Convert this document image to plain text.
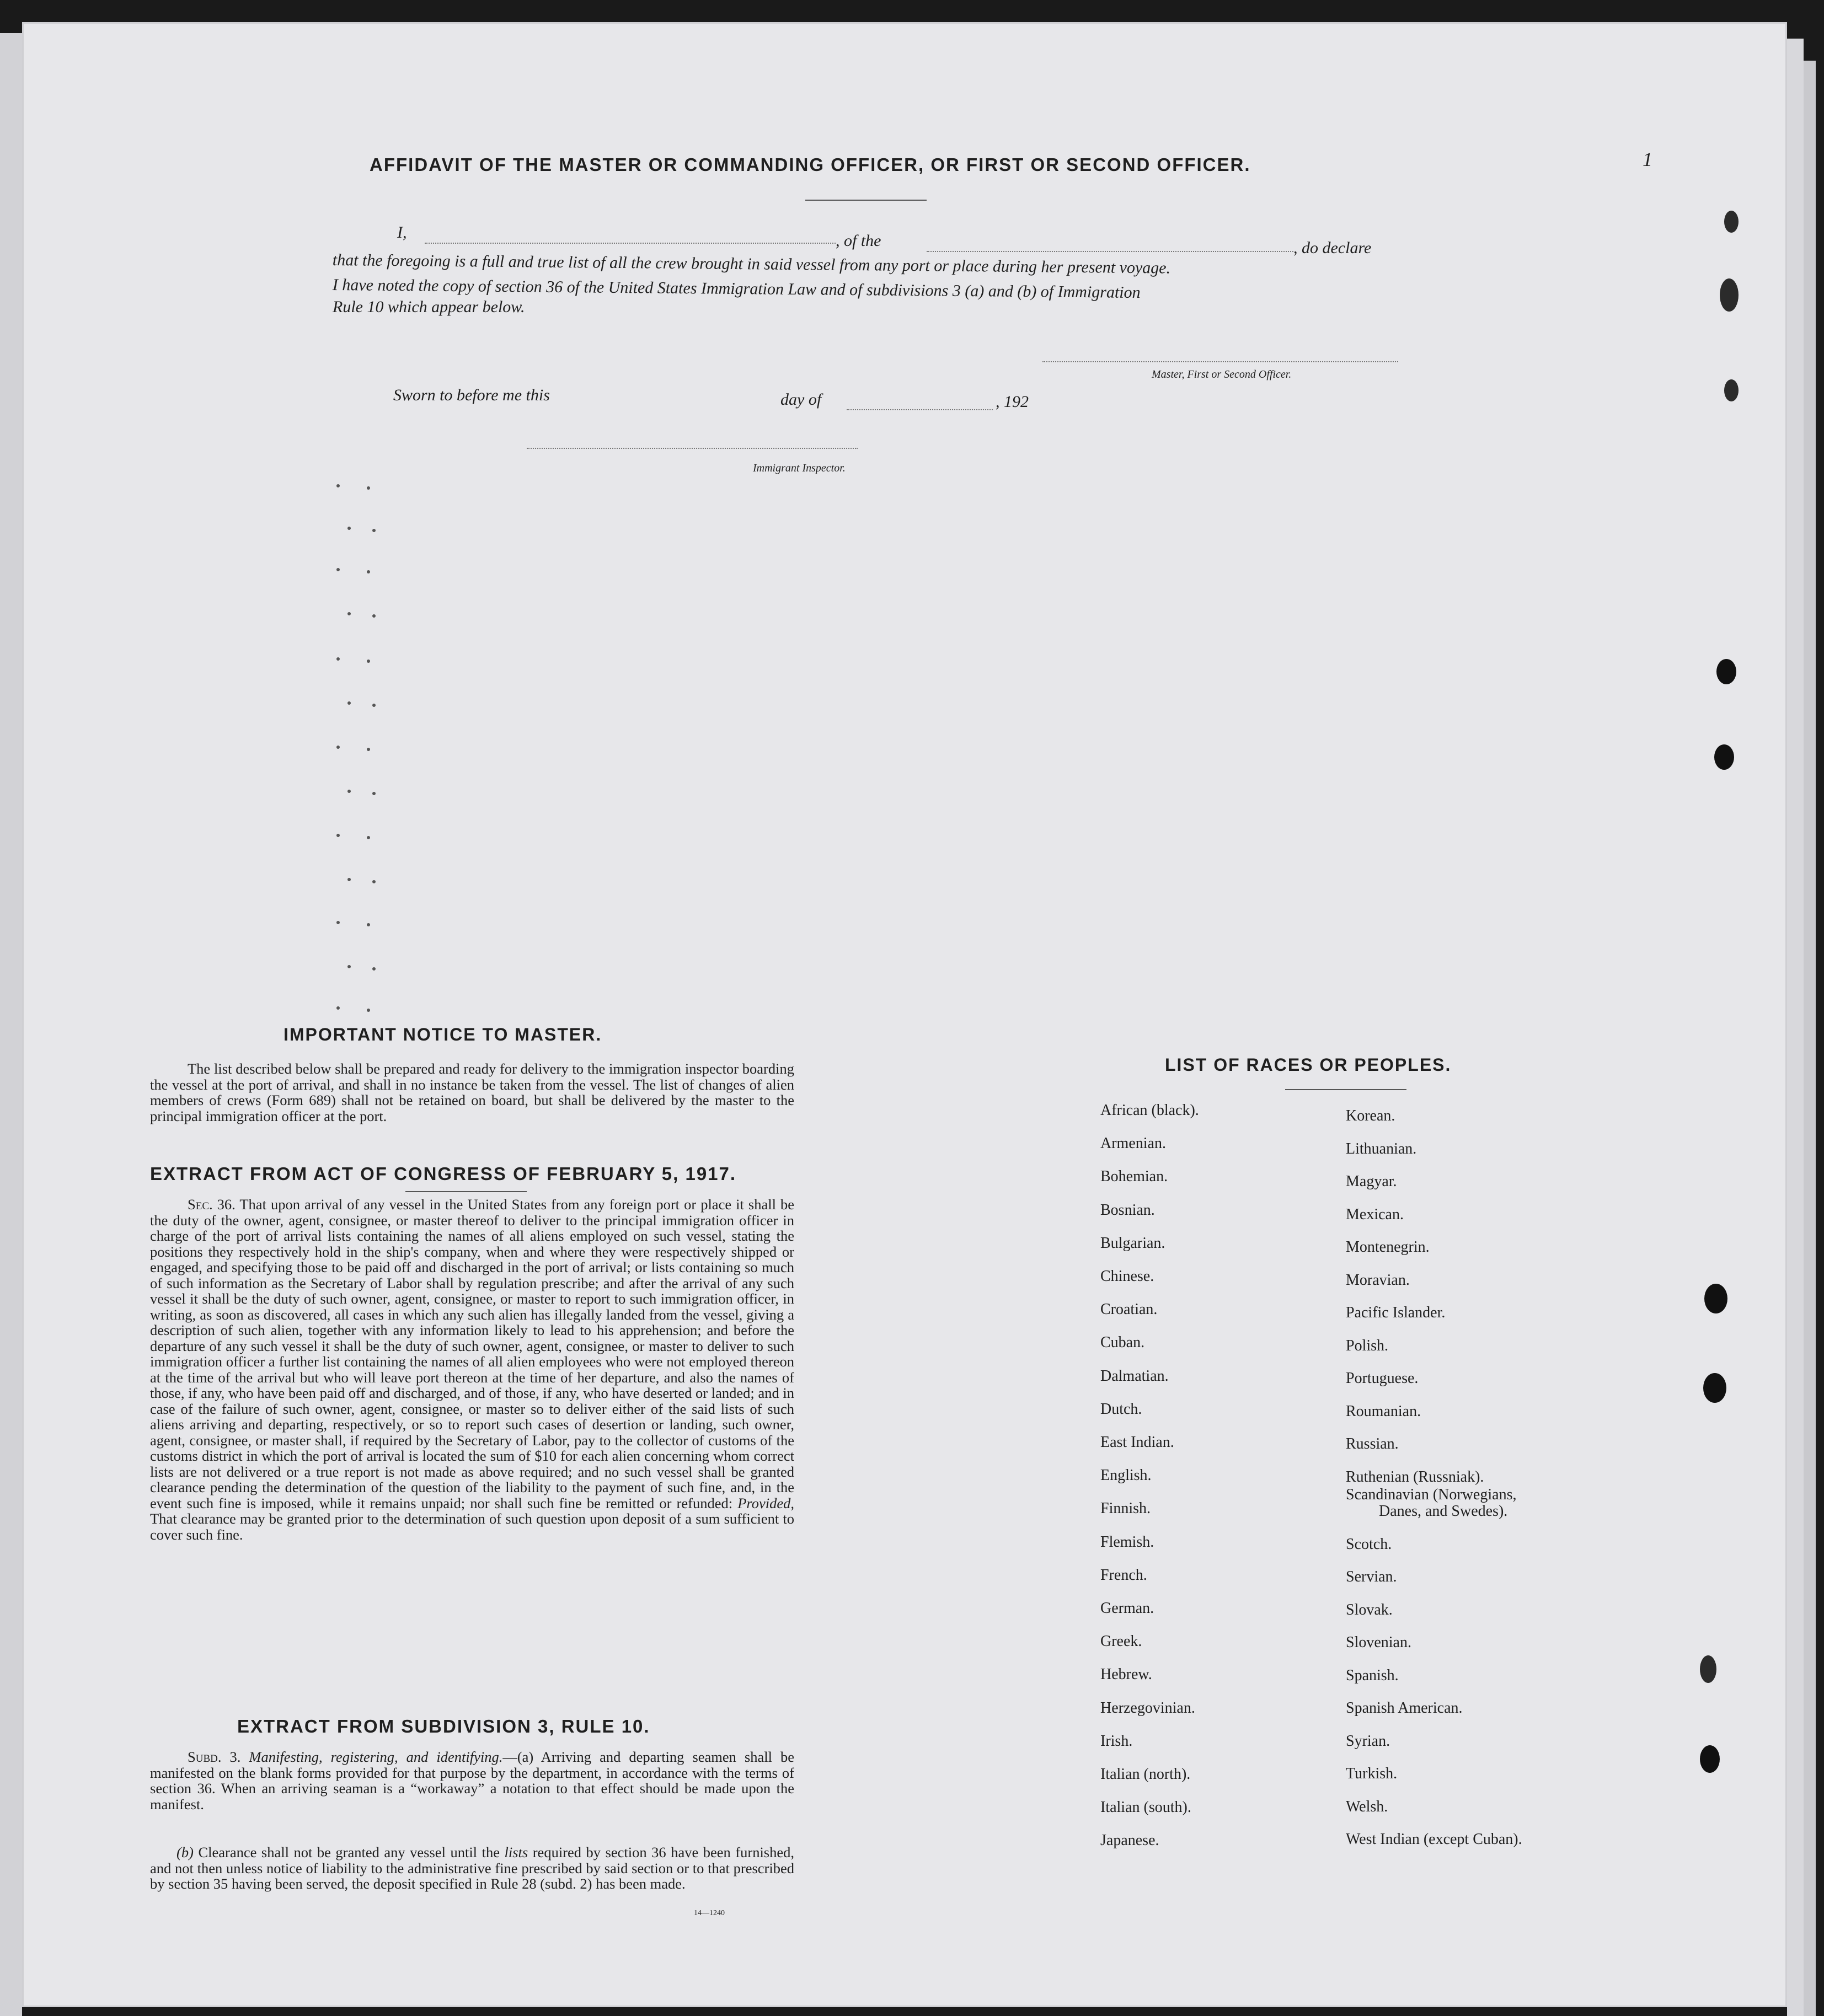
1
AFFIDAVIT OF THE MASTER OR COMMANDING OFFICER, OR FIRST OR SECOND OFFICER.
I,	, of the	, do declare
that the foregoing is a full and true list of all the crew brought in said vessel from any port or place during her present voyage.
I have noted the copy of section 36 of the United States Immigration Law and of subdivisions 3 (a) and (b) of Immigration
Rule 10 which appear below.
Master, First or Second Officer.
Sworn to before me this	day of	, 192
Immigrant Inspector.
IMPORTANT NOTICE TO MASTER.
The list described below shall be prepared and ready for delivery to the immigration inspector boarding the vessel at the port of arrival, and shall in no instance be taken from the vessel. The list of changes of alien members of crews (Form 689) shall not be retained on board, but shall be delivered by the master to the principal immigration officer at the port.
EXTRACT FROM ACT OF CONGRESS OF FEBRUARY 5, 1917.
Sec. 36. That upon arrival of any vessel in the United States from any foreign port or place it shall be the duty of the owner, agent, consignee, or master thereof to deliver to the principal immigration officer in charge of the port of arrival lists containing the names of all aliens employed on such vessel, stating the positions they respectively hold in the ship's company, when and where they were respectively shipped or engaged, and specifying those to be paid off and discharged in the port of arrival; or lists containing so much of such information as the Secretary of Labor shall by regulation prescribe; and after the arrival of any such vessel it shall be the duty of such owner, agent, consignee, or master to report to such immigration officer, in writing, as soon as discovered, all cases in which any such alien has illegally landed from the vessel, giving a description of such alien, together with any information likely to lead to his apprehension; and before the departure of any such vessel it shall be the duty of such owner, agent, consignee, or master to deliver to such immigration officer a further list containing the names of all alien employees who were not employed thereon at the time of the arrival but who will leave port thereon at the time of her departure, and also the names of those, if any, who have been paid off and discharged, and of those, if any, who have deserted or landed; and in case of the failure of such owner, agent, consignee, or master so to deliver either of the said lists of such aliens arriving and departing, respectively, or so to report such cases of desertion or landing, such owner, agent, consignee, or master shall, if required by the Secretary of Labor, pay to the collector of customs of the customs district in which the port of arrival is located the sum of $10 for each alien concerning whom correct lists are not delivered or a true report is not made as above required; and no such vessel shall be granted clearance pending the determination of the question of the liability to the payment of such fine, and, in the event such fine is imposed, while it remains unpaid; nor shall such fine be remitted or refunded: Provided, That clearance may be granted prior to the determination of such question upon deposit of a sum sufficient to cover such fine.
EXTRACT FROM SUBDIVISION 3, RULE 10.
Subd. 3. Manifesting, registering, and identifying.—(a) Arriving and departing seamen shall be manifested on the blank forms provided for that purpose by the department, in accordance with the terms of section 36. When an arriving seaman is a “workaway” a notation to that effect should be made upon the manifest.
(b) Clearance shall not be granted any vessel until the lists required by section 36 have been furnished, and not then unless notice of liability to the administrative fine prescribed by said section or to that prescribed by section 35 having been served, the deposit specified in Rule 28 (subd. 2) has been made.
14—1240
LIST OF RACES OR PEOPLES.
African (black).
Armenian.
Bohemian.
Bosnian.
Bulgarian.
Chinese.
Croatian.
Cuban.
Dalmatian.
Dutch.
East Indian.
English.
Finnish.
Flemish.
French.
German.
Greek.
Hebrew.
Herzegovinian.
Irish.
Italian (north).
Italian (south).
Japanese.
Korean.
Lithuanian.
Magyar.
Mexican.
Montenegrin.
Moravian.
Pacific Islander.
Polish.
Portuguese.
Roumanian.
Russian.
Ruthenian (Russniak).
Scandinavian (Norwegians,
Danes, and Swedes).
Scotch.
Servian.
Slovak.
Slovenian.
Spanish.
Spanish American.
Syrian.
Turkish.
Welsh.
West Indian (except Cuban).
